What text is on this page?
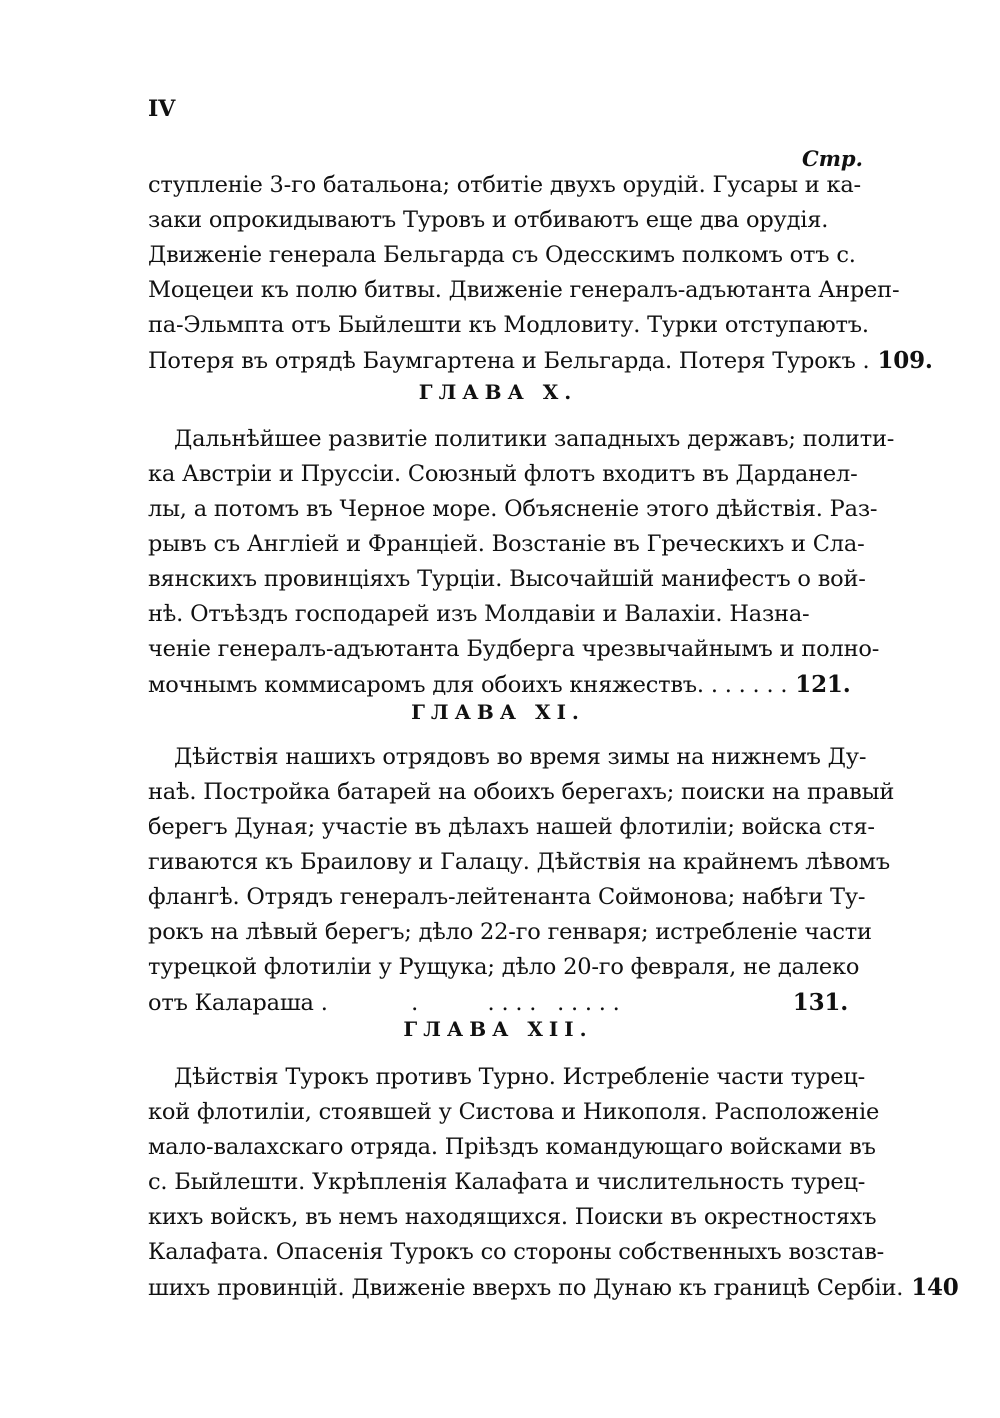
IV
Стр.
ступленіе 3-го батальона; отбитіе двухъ орудій. Гусары и ка-
заки опрокидываютъ Туровъ и отбиваютъ еще два орудія.
Движеніе генерала Бельгарда съ Одесскимъ полкомъ отъ с.
Моцецеи къ полю битвы. Движеніе генералъ-адъютанта Анреп-
па-Эльмпта отъ Быйлешти къ Модловиту. Турки отступаютъ.
Потеря въ отрядѣ Баумгартена и Бельгарда. Потеря Турокъ . 109.
ГЛАВА X.
Дальнѣйшее развитіе политики западныхъ державъ; полити-
ка Австріи и Пруссіи. Союзный флотъ входитъ въ Дарданел-
лы, а потомъ въ Черное море. Объясненіе этого дѣйствія. Раз-
рывъ съ Англіей и Франціей. Возстаніе въ Греческихъ и Сла-
вянскихъ провинціяхъ Турціи. Высочайшій манифестъ о вой-
нѣ. Отъѣздъ господарей изъ Молдавіи и Валахіи. Назна-
ченіе генералъ-адъютанта Будберга чрезвычайнымъ и полно-
мочнымъ коммисаромъ для обоихъ княжествъ. . . . . . . 121.
ГЛАВА XI.
Дѣйствія нашихъ отрядовъ во время зимы на нижнемъ Ду-
наѣ. Постройка батарей на обоихъ берегахъ; поиски на правый
берегъ Дуная; участіе въ дѣлахъ нашей флотиліи; войска стя-
гиваются къ Браилову и Галацу. Дѣйствія на крайнемъ лѣвомъ
флангѣ. Отрядъ генералъ-лейтенанта Соймонова; набѣги Ту-
рокъ на лѣвый берегъ; дѣло 22-го генваря; истребленіе части
турецкой флотиліи у Рущука; дѣло 20-го февраля, не далеко
отъ Калараша .            .          . . . .   . . . . .	131.
ГЛАВА XII.
Дѣйствія Турокъ противъ Турно. Истребленіе части турец-
кой флотиліи, стоявшей у Систова и Никополя. Расположеніе
мало-валахскаго отряда. Пріѣздъ командующаго войсками въ
с. Быйлешти. Укрѣпленія Калафата и числительность турец-
кихъ войскъ, въ немъ находящихся. Поиски въ окрестностяхъ
Калафата. Опасенія Турокъ со стороны собственныхъ возстав-
шихъ провинцій. Движеніе вверхъ по Дунаю къ границѣ Сербіи. 140
